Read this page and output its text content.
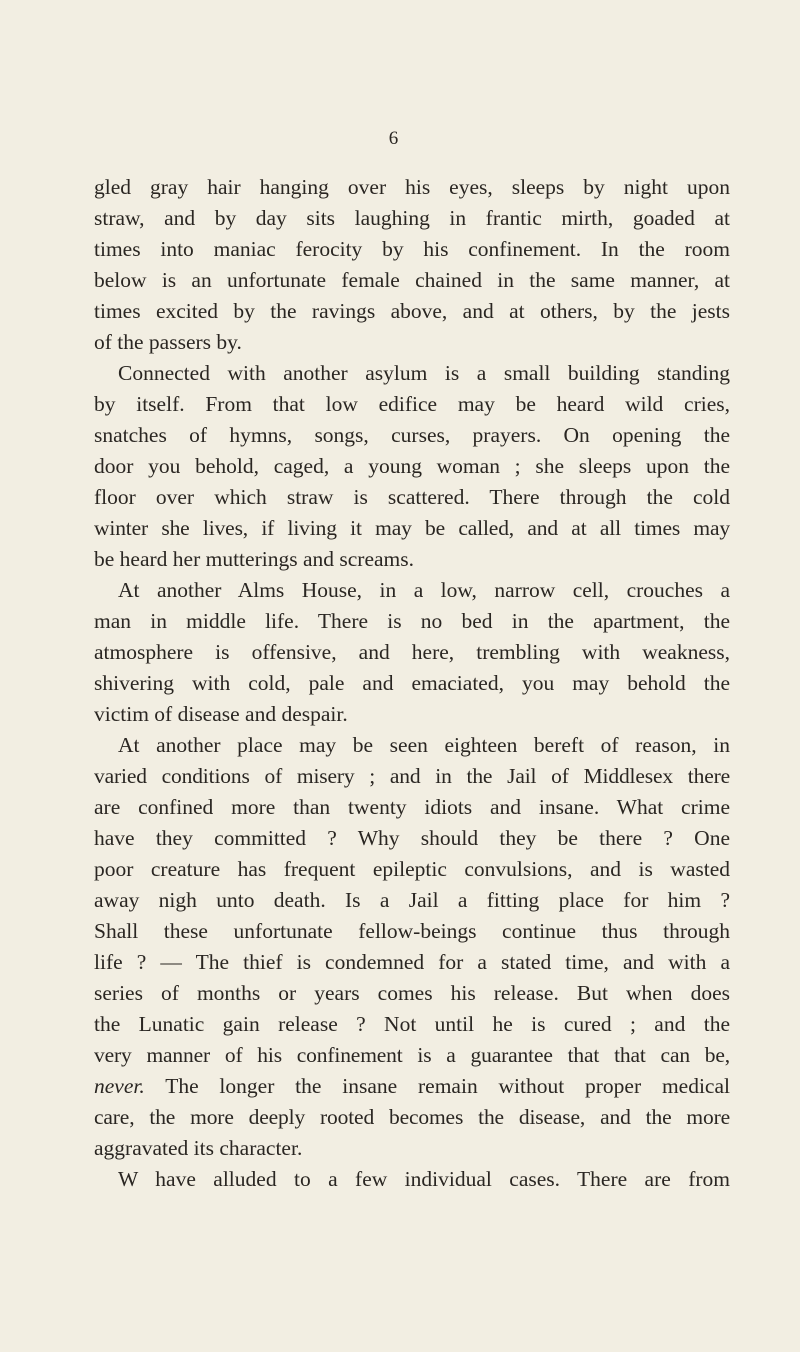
6
gled gray hair hanging over his eyes, sleeps by night upon
straw, and by day sits laughing in frantic mirth, goaded at
times into maniac ferocity by his confinement. In the room
below is an unfortunate female chained in the same manner, at
times excited by the ravings above, and at others, by the jests
of the passers by.
Connected with another asylum is a small building standing
by itself. From that low edifice may be heard wild cries,
snatches of hymns, songs, curses, prayers. On opening the
door you behold, caged, a young woman ; she sleeps upon the
floor over which straw is scattered. There through the cold
winter she lives, if living it may be called, and at all times may
be heard her mutterings and screams.
At another Alms House, in a low, narrow cell, crouches a
man in middle life. There is no bed in the apartment, the
atmosphere is offensive, and here, trembling with weakness,
shivering with cold, pale and emaciated, you may behold the
victim of disease and despair.
At another place may be seen eighteen bereft of reason, in
varied conditions of misery ; and in the Jail of Middlesex there
are confined more than twenty idiots and insane. What crime
have they committed ? Why should they be there ? One
poor creature has frequent epileptic convulsions, and is wasted
away nigh unto death. Is a Jail a fitting place for him ?
Shall these unfortunate fellow-beings continue thus through
life ? — The thief is condemned for a stated time, and with a
series of months or years comes his release. But when does
the Lunatic gain release ? Not until he is cured ; and the
very manner of his confinement is a guarantee that that can be,
never. The longer the insane remain without proper medical
care, the more deeply rooted becomes the disease, and the more
aggravated its character.
W have alluded to a few individual cases. There are from
